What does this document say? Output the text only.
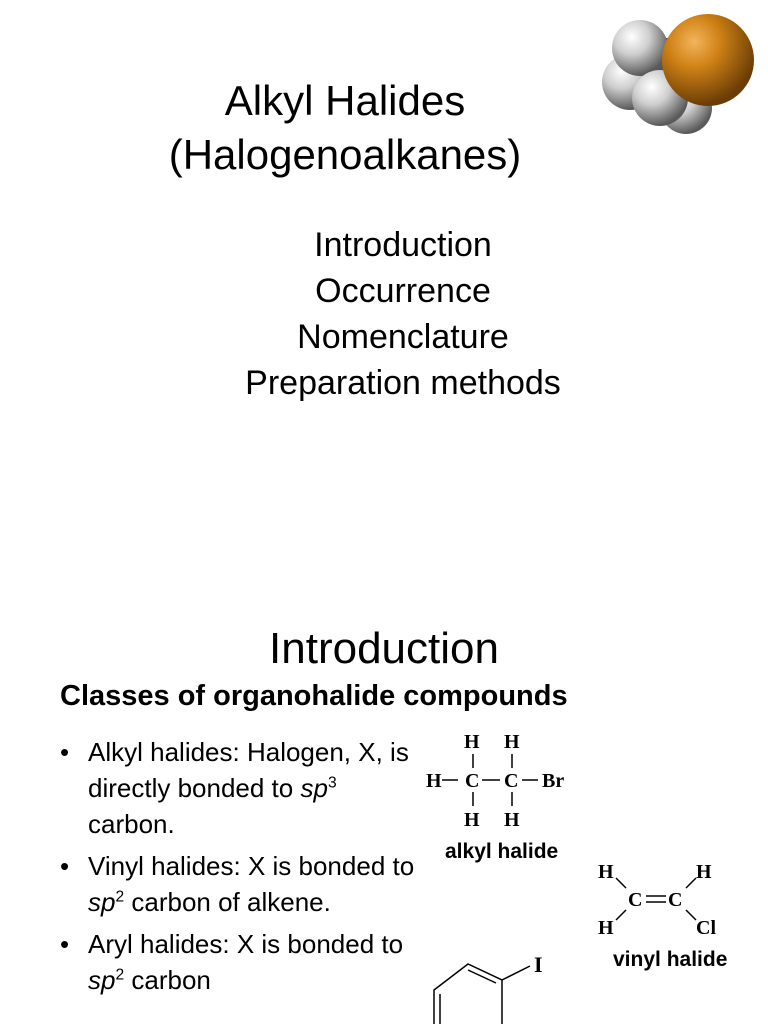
Alkyl Halides
(Halogenoalkanes)
Introduction
Occurrence
Nomenclature
Preparation methods
Introduction
Classes of organohalide compounds
• Alkyl halides: Halogen, X, is directly bonded to $sp^3$ carbon.
• Vinyl halides: X is bonded to $sp^2$ carbon of alkene.
• Aryl halides: X is bonded to $sp^2$ carbon
H H
H C C Br
H H
alkyl halide
H	H
C C
H	Cl
vinyl halide
I
